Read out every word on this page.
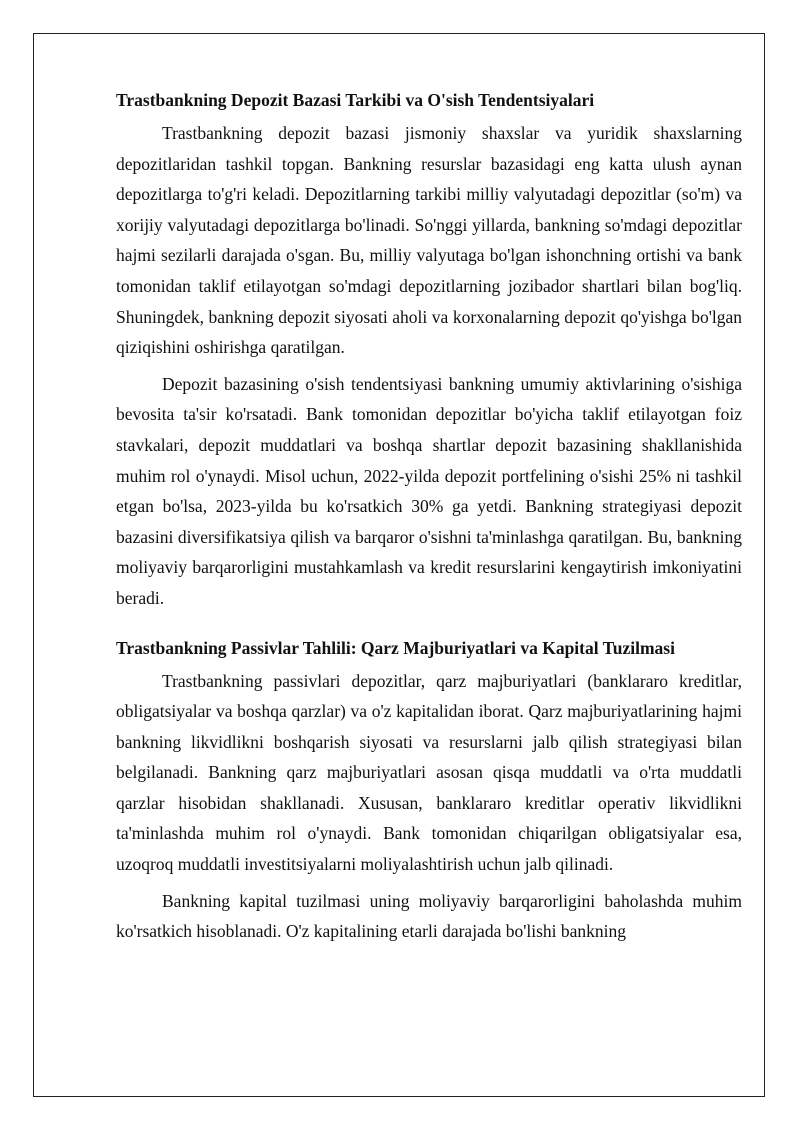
Trastbankning Depozit Bazasi Tarkibi va O'sish Tendentsiyalari

Trastbankning depozit bazasi jismoniy shaxslar va yuridik shaxslarning depozitlaridan tashkil topgan. Bankning resurslar bazasidagi eng katta ulush aynan depozitlarga to'g'ri keladi. Depozitlarning tarkibi milliy valyutadagi depozitlar (so'm) va xorijiy valyutadagi depozitlarga bo'linadi. So'nggi yillarda, bankning so'mdagi depozitlar hajmi sezilarli darajada o'sgan. Bu, milliy valyutaga bo'lgan ishonchning ortishi va bank tomonidan taklif etilayotgan so'mdagi depozitlarning jozibador shartlari bilan bog'liq. Shuningdek, bankning depozit siyosati aholi va korxonalarning depozit qo'yishga bo'lgan qiziqishini oshirishga qaratilgan.

Depozit bazasining o'sish tendentsiyasi bankning umumiy aktivlarining o'sishiga bevosita ta'sir ko'rsatadi. Bank tomonidan depozitlar bo'yicha taklif etilayotgan foiz stavkalari, depozit muddatlari va boshqa shartlar depozit bazasining shakllanishida muhim rol o'ynaydi. Misol uchun, 2022-yilda depozit portfelining o'sishi 25% ni tashkil etgan bo'lsa, 2023-yilda bu ko'rsatkich 30% ga yetdi. Bankning strategiyasi depozit bazasini diversifikatsiya qilish va barqaror o'sishni ta'minlashga qaratilgan. Bu, bankning moliyaviy barqarorligini mustahkamlash va kredit resurslarini kengaytirish imkoniyatini beradi.

Trastbankning Passivlar Tahlili: Qarz Majburiyatlari va Kapital Tuzilmasi

Trastbankning passivlari depozitlar, qarz majburiyatlari (banklararo kreditlar, obligatsiyalar va boshqa qarzlar) va o'z kapitalidan iborat. Qarz majburiyatlarining hajmi bankning likvidlikni boshqarish siyosati va resurslarni jalb qilish strategiyasi bilan belgilanadi. Bankning qarz majburiyatlari asosan qisqa muddatli va o'rta muddatli qarzlar hisobidan shakllanadi. Xususan, banklararo kreditlar operativ likvidlikni ta'minlashda muhim rol o'ynaydi. Bank tomonidan chiqarilgan obligatsiyalar esa, uzoqroq muddatli investitsiyalarni moliyalashtirish uchun jalb qilinadi.

Bankning kapital tuzilmasi uning moliyaviy barqarorligini baholashda muhim ko'rsatkich hisoblanadi. O'z kapitalining etarli darajada bo'lishi bankning
